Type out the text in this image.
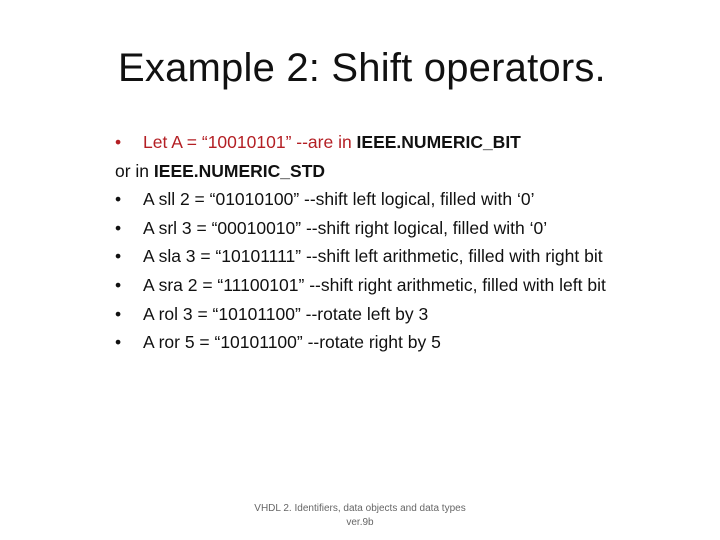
Example 2: Shift operators.
• Let A = “10010101” --are in IEEE.NUMERIC_BIT
or in IEEE.NUMERIC_STD
• A sll 2 = “01010100” --shift left logical, filled with ‘0’
• A srl 3 = “00010010” --shift right logical, filled with ‘0’
• A sla 3 = “10101111” --shift left arithmetic, filled with right bit
• A sra 2 = “11100101” --shift right arithmetic, filled with left bit
• A rol 3 = “10101100” --rotate left by 3
• A ror 5 = “10101100” --rotate right by 5
VHDL 2. Identifiers, data objects and data types ver.9b
